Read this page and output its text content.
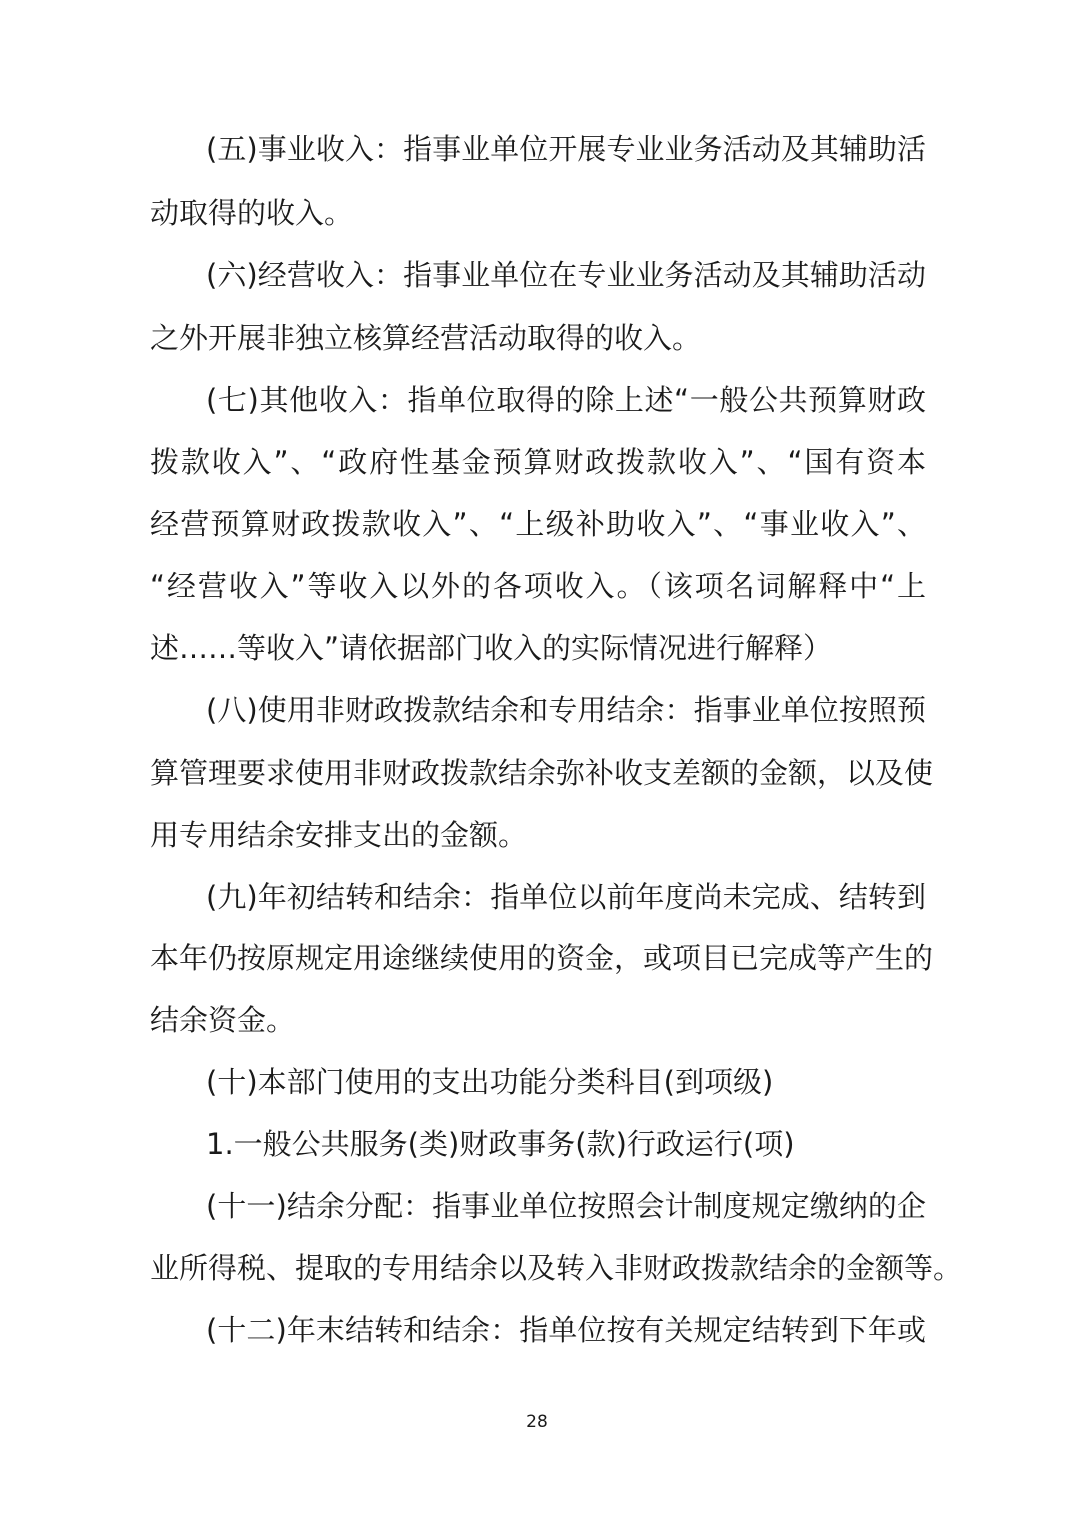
(五)事业收入：指事业单位开展专业业务活动及其辅助活

动取得的收入。

(六)经营收入：指事业单位在专业业务活动及其辅助活动

之外开展非独立核算经营活动取得的收入。

(七)其他收入：指单位取得的除上述“一般公共预算财政

拨款收入”、“政府性基金预算财政拨款收入”、“国有资本

经营预算财政拨款收入”、“上级补助收入”、“事业收入”、

“经营收入”等收入以外的各项收入。（该项名词解释中“上

述……等收入”请依据部门收入的实际情况进行解释）

(八)使用非财政拨款结余和专用结余：指事业单位按照预

算管理要求使用非财政拨款结余弥补收支差额的金额，以及使

用专用结余安排支出的金额。

(九)年初结转和结余：指单位以前年度尚未完成、结转到

本年仍按原规定用途继续使用的资金，或项目已完成等产生的

结余资金。

(十)本部门使用的支出功能分类科目(到项级)

1.一般公共服务(类)财政事务(款)行政运行(项)

(十一)结余分配：指事业单位按照会计制度规定缴纳的企

业所得税、提取的专用结余以及转入非财政拨款结余的金额等。

(十二)年末结转和结余：指单位按有关规定结转到下年或

28
